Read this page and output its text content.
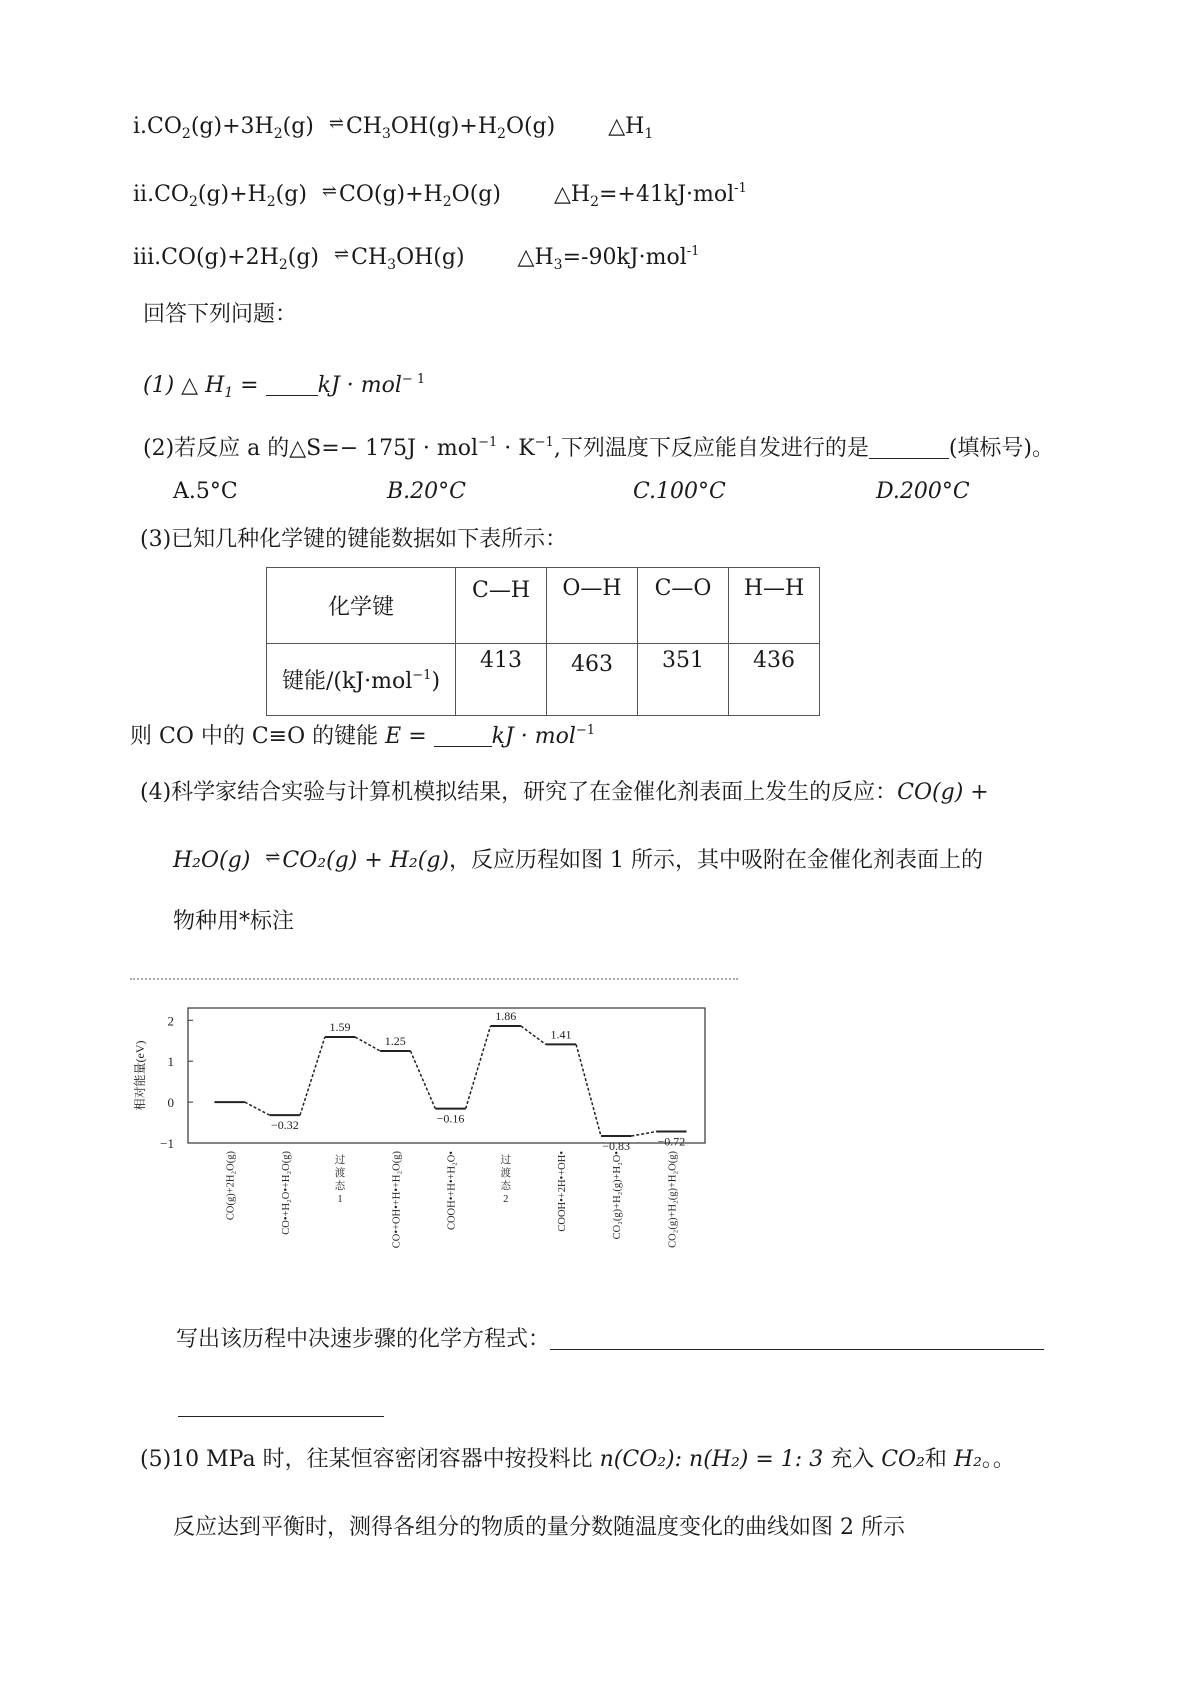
$i.CO_2(g)+3H_2(g)$ ⇌ $CH_3OH(g)+H_2O(g)$ $\triangle H_1$
$ii.CO_2(g)+H_2(g)$ ⇌ $CO(g)+H_2O(g)$ $\triangle H_2=+41kJ\cdot mol^{-1}$
$iii.CO(g)+2H_2(g)$ ⇌ $CH_3OH(g)$ $\triangle H_3=-90kJ\cdot mol^{-1}$
回答下列问题：
(1) △ $H_1$ = kJ · mol$^{- 1}$
(2)若反应 a 的△S=− $175J \cdot mol^{-1} \cdot K^{-1}$,下列温度下反应能自发进行的是	(填标号)。
A.5°C	B.20°C	C.100°C	D.200°C
(3)已知几种化学键的键能数据如下表所示：
化学键	C—H	O—H	C—O	H—H
键能/(kJ·mol$^{-1}$)	413	463	351	436
则 CO 中的 C≡O 的键能 E =	kJ · mol$^{-1}$
(4)科学家结合实验与计算机模拟结果，研究了在金催化剂表面上发生的反应：CO(g) +
H₂O(g) ⇌ CO₂(g) + H₂(g)，反应历程如图 1 所示，其中吸附在金催化剂表面上的
物种用*标注
2
1
0
−1
相对能量(eV)
CO(g)+2H₂O(g)
−0.32
CO•+H₂O•+H₂O(g)
1.59
过渡态 1
1.25
CO•+OH•+H•+H₂O(g)
−0.16
COOH•+H•+H₂O•
1.86
过渡态 2
1.41
COOH•+2H•+OH•
−0.83
CO₂(g)+H₂(g)+H₂O•
−0.72
CO₂(g)+H₂(g)+H₂O(g)
写出该历程中决速步骤的化学方程式：
(5)10 MPa 时，往某恒容密闭容器中按投料比 n(CO₂): n(H₂) = 1: 3 充入 CO₂和 H₂。。
反应达到平衡时，测得各组分的物质的量分数随温度变化的曲线如图 2 所示
